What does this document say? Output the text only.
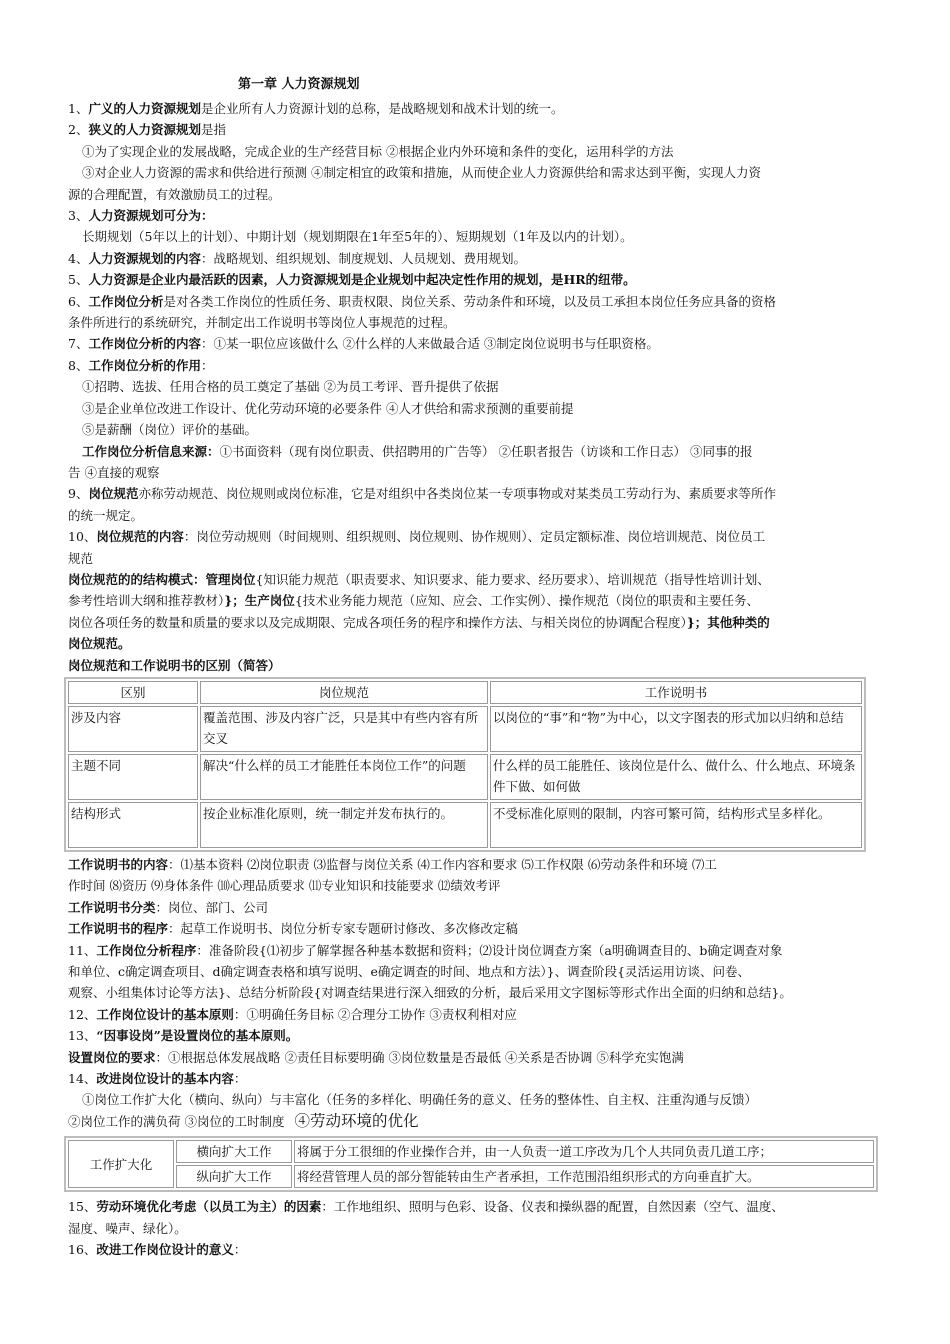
第一章 人力资源规划

1、广义的人力资源规划是企业所有人力资源计划的总称，是战略规划和战术计划的统一。

2、狭义的人力资源规划是指

①为了实现企业的发展战略，完成企业的生产经营目标 ②根据企业内外环境和条件的变化，运用科学的方法

③对企业人力资源的需求和供给进行预测 ④制定相宜的政策和措施，从而使企业人力资源供给和需求达到平衡，实现人力资

源的合理配置，有效激励员工的过程。

3、人力资源规划可分为：

长期规划（5年以上的计划）、中期计划（规划期限在1年至5年的）、短期规划（1年及以内的计划）。

4、人力资源规划的内容：战略规划、组织规划、制度规划、人员规划、费用规划。

5、人力资源是企业内最活跃的因素，人力资源规划是企业规划中起决定性作用的规划，是HR的纽带。

6、工作岗位分析是对各类工作岗位的性质任务、职责权限、岗位关系、劳动条件和环境，以及员工承担本岗位任务应具备的资格

条件所进行的系统研究，并制定出工作说明书等岗位人事规范的过程。

7、工作岗位分析的内容：①某一职位应该做什么 ②什么样的人来做最合适 ③制定岗位说明书与任职资格。

8、工作岗位分析的作用：

①招聘、选拔、任用合格的员工奠定了基础 ②为员工考评、晋升提供了依据

③是企业单位改进工作设计、优化劳动环境的必要条件 ④人才供给和需求预测的重要前提

⑤是薪酬（岗位）评价的基础。

工作岗位分析信息来源：①书面资料（现有岗位职责、供招聘用的广告等） ②任职者报告（访谈和工作日志） ③同事的报

告 ④直接的观察

9、岗位规范亦称劳动规范、岗位规则或岗位标准，它是对组织中各类岗位某一专项事物或对某类员工劳动行为、素质要求等所作

的统一规定。

10、岗位规范的内容：岗位劳动规则（时间规则、组织规则、岗位规则、协作规则）、定员定额标准、岗位培训规范、岗位员工

规范

岗位规范的的结构模式：管理岗位{知识能力规范（职责要求、知识要求、能力要求、经历要求）、培训规范（指导性培训计划、
参考性培训大纲和推荐教材）}；生产岗位{技术业务能力规范（应知、应会、工作实例）、操作规范（岗位的职责和主要任务、
岗位各项任务的数量和质量的要求以及完成期限、完成各项任务的程序和操作方法、与相关岗位的协调配合程度）}；其他种类的
岗位规范。

岗位规范和工作说明书的区别（简答）

区别	岗位规范	工作说明书
涉及内容	覆盖范围、涉及内容广泛，只是其中有些内容有所交叉	以岗位的“事”和“物”为中心，以文字图表的形式加以归纳和总结
主题不同	解决“什么样的员工才能胜任本岗位工作”的问题	什么样的员工能胜任、该岗位是什么、做什么、什么地点、环境条件下做、如何做
结构形式	按企业标准化原则，统一制定并发布执行的。	不受标准化原则的限制，内容可繁可简，结构形式呈多样化。

工作说明书的内容：⑴基本资料 ⑵岗位职责 ⑶监督与岗位关系 ⑷工作内容和要求 ⑸工作权限 ⑹劳动条件和环境 ⑺工

作时间 ⑻资历 ⑼身体条件 ⑽心理品质要求 ⑾专业知识和技能要求 ⑿绩效考评

工作说明书分类：岗位、部门、公司

工作说明书的程序：起草工作说明书、岗位分析专家专题研讨修改、多次修改定稿

11、工作岗位分析程序：准备阶段{⑴初步了解掌握各种基本数据和资料；⑵设计岗位调查方案（a明确调查目的、b确定调查对象

和单位、c确定调查项目、d确定调查表格和填写说明、e确定调查的时间、地点和方法）}、调查阶段{灵活运用访谈、问卷、

观察、小组集体讨论等方法}、总结分析阶段{对调查结果进行深入细致的分析，最后采用文字图标等形式作出全面的归纳和总结}。

12、工作岗位设计的基本原则：①明确任务目标 ②合理分工协作 ③责权利相对应

13、“因事设岗”是设置岗位的基本原则。

设置岗位的要求：①根据总体发展战略 ②责任目标要明确 ③岗位数量是否最低 ④关系是否协调 ⑤科学充实饱满

14、改进岗位设计的基本内容：

①岗位工作扩大化（横向、纵向）与丰富化（任务的多样化、明确任务的意义、任务的整体性、自主权、注重沟通与反馈）

②岗位工作的满负荷 ③岗位的工时制度 ④劳动环境的优化

工作扩大化	横向扩大工作	将属于分工很细的作业操作合并，由一人负责一道工序改为几个人共同负责几道工序；
	纵向扩大工作	将经营管理人员的部分智能转由生产者承担，工作范围沿组织形式的方向垂直扩大。

15、劳动环境优化考虑（以员工为主）的因素：工作地组织、照明与色彩、设备、仪表和操纵器的配置，自然因素（空气、温度、

湿度、噪声、绿化）。

16、改进工作岗位设计的意义：
